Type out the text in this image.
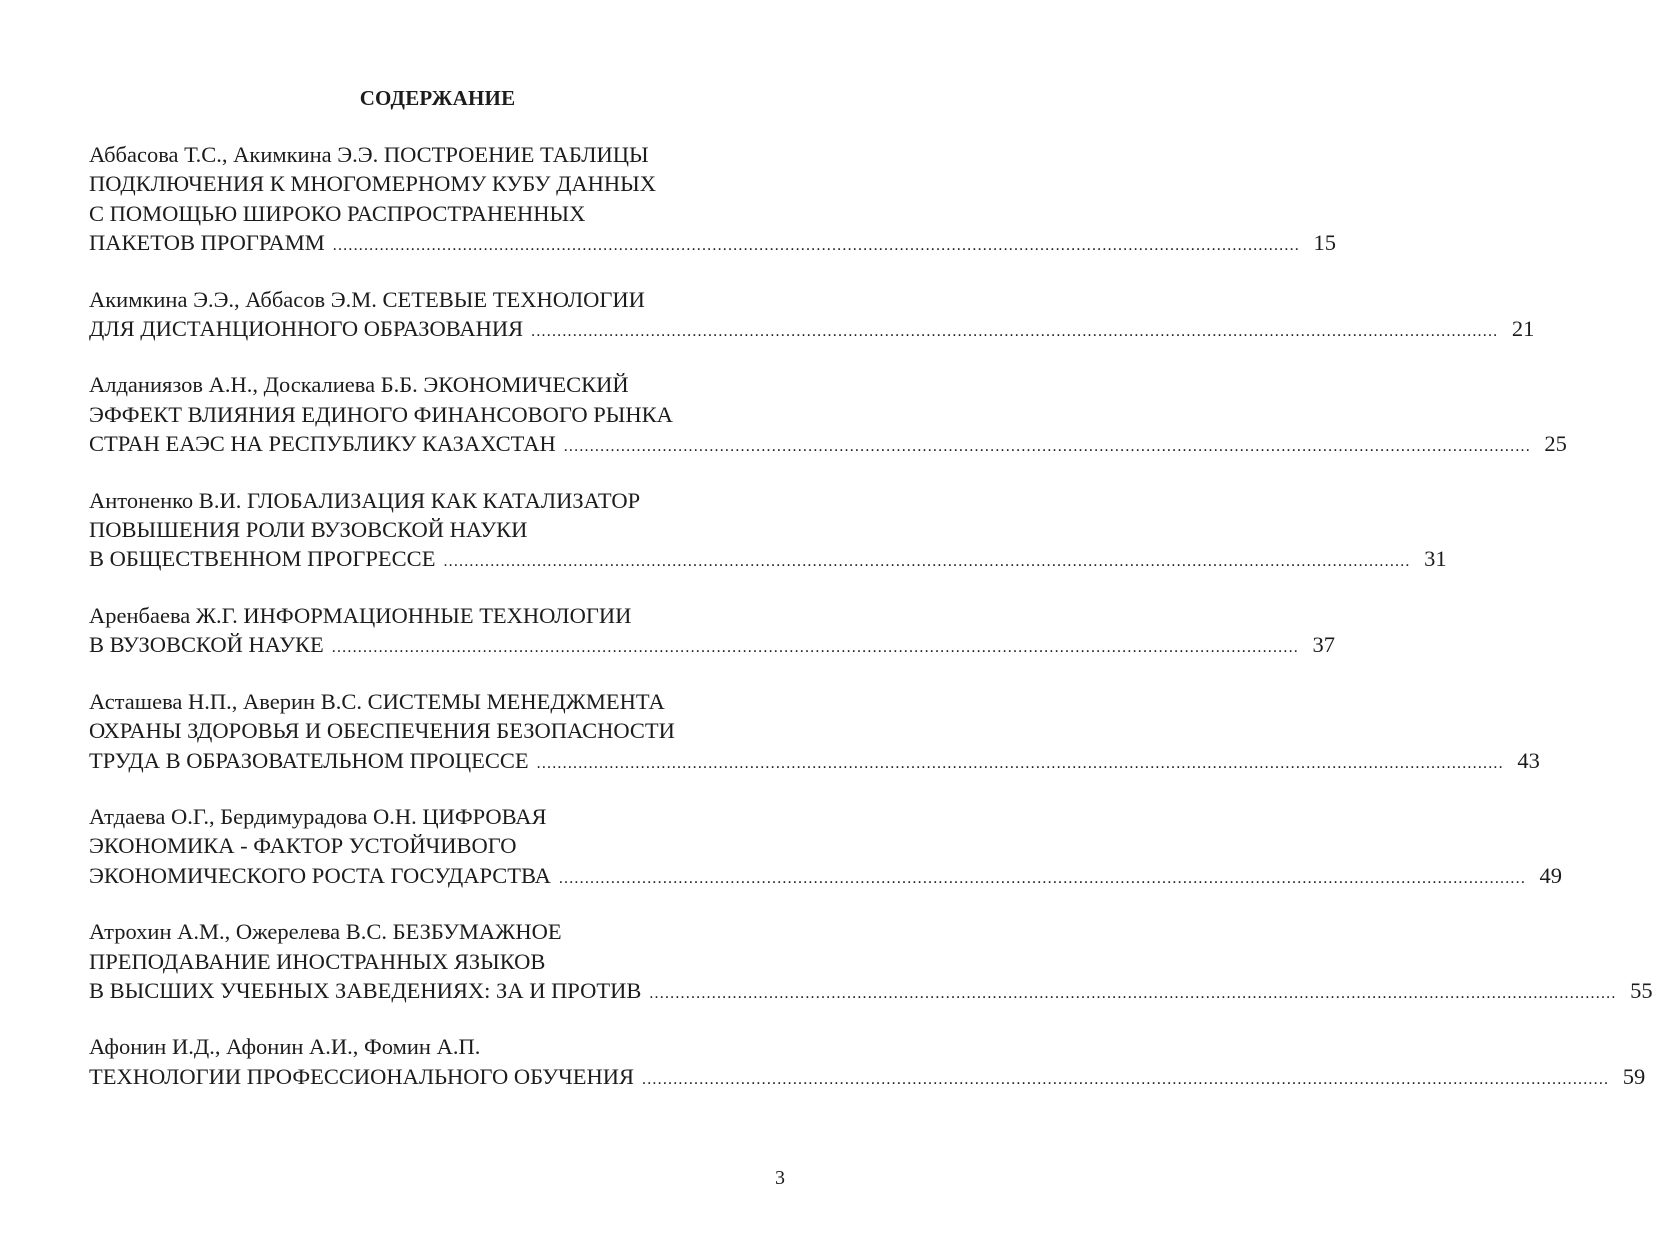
СОДЕРЖАНИЕ
Аббасова Т.С., Акимкина Э.Э. ПОСТРОЕНИЕ ТАБЛИЦЫ
ПОДКЛЮЧЕНИЯ К МНОГОМЕРНОМУ КУБУ ДАННЫХ
С ПОМОЩЬЮ ШИРОКО РАСПРОСТРАНЕННЫХ
ПАКЕТОВ ПРОГРАММ .......................................................................................................................................................................................... 15
Акимкина Э.Э., Аббасов Э.М. СЕТЕВЫЕ ТЕХНОЛОГИИ
ДЛЯ ДИСТАНЦИОННОГО ОБРАЗОВАНИЯ .......................................................................................................................................................................................... 21
Алданиязов А.Н., Доскалиева Б.Б. ЭКОНОМИЧЕСКИЙ
ЭФФЕКТ ВЛИЯНИЯ ЕДИНОГО ФИНАНСОВОГО РЫНКА
СТРАН ЕАЭС НА РЕСПУБЛИКУ КАЗАХСТАН .......................................................................................................................................................................................... 25
Антоненко В.И. ГЛОБАЛИЗАЦИЯ КАК КАТАЛИЗАТОР
ПОВЫШЕНИЯ РОЛИ ВУЗОВСКОЙ НАУКИ
В ОБЩЕСТВЕННОМ ПРОГРЕССЕ .......................................................................................................................................................................................... 31
Аренбаева Ж.Г. ИНФОРМАЦИОННЫЕ ТЕХНОЛОГИИ
В ВУЗОВСКОЙ НАУКЕ .......................................................................................................................................................................................... 37
Асташева Н.П., Аверин В.С. СИСТЕМЫ МЕНЕДЖМЕНТА
ОХРАНЫ ЗДОРОВЬЯ И ОБЕСПЕЧЕНИЯ БЕЗОПАСНОСТИ
ТРУДА В ОБРАЗОВАТЕЛЬНОМ ПРОЦЕССЕ .......................................................................................................................................................................................... 43
Атдаева О.Г., Бердимурадова О.Н. ЦИФРОВАЯ
ЭКОНОМИКА - ФАКТОР УСТОЙЧИВОГО
ЭКОНОМИЧЕСКОГО РОСТА ГОСУДАРСТВА .......................................................................................................................................................................................... 49
Атрохин А.М., Ожерелева В.С. БЕЗБУМАЖНОЕ
ПРЕПОДАВАНИЕ ИНОСТРАННЫХ ЯЗЫКОВ
В ВЫСШИХ УЧЕБНЫХ ЗАВЕДЕНИЯХ: ЗА И ПРОТИВ .......................................................................................................................................................................................... 55
Афонин И.Д., Афонин А.И., Фомин А.П.
ТЕХНОЛОГИИ ПРОФЕССИОНАЛЬНОГО ОБУЧЕНИЯ .......................................................................................................................................................................................... 59
3
